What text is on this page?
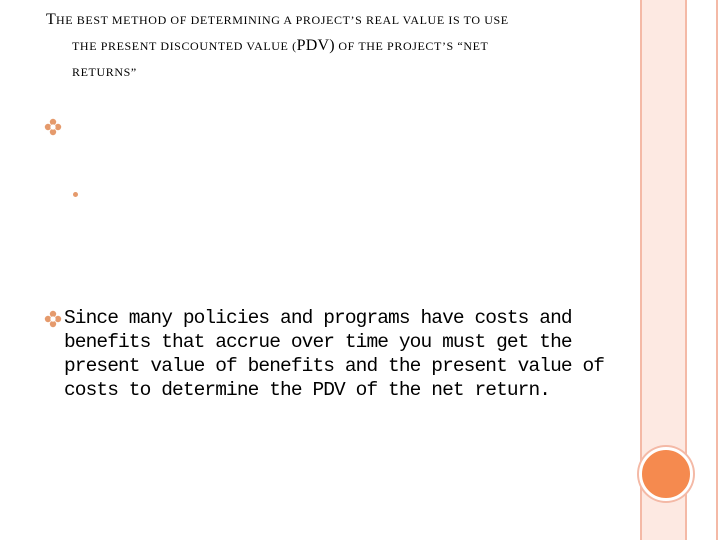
THE BEST METHOD OF DETERMINING A PROJECT’S REAL VALUE IS TO USE
THE PRESENT DISCOUNTED VALUE (PDV) OF THE PROJECT’S “NET
RETURNS”
Since many policies and programs have costs and benefits that accrue over time you must get the present value of benefits and the present value of costs to determine the PDV of the net return.
